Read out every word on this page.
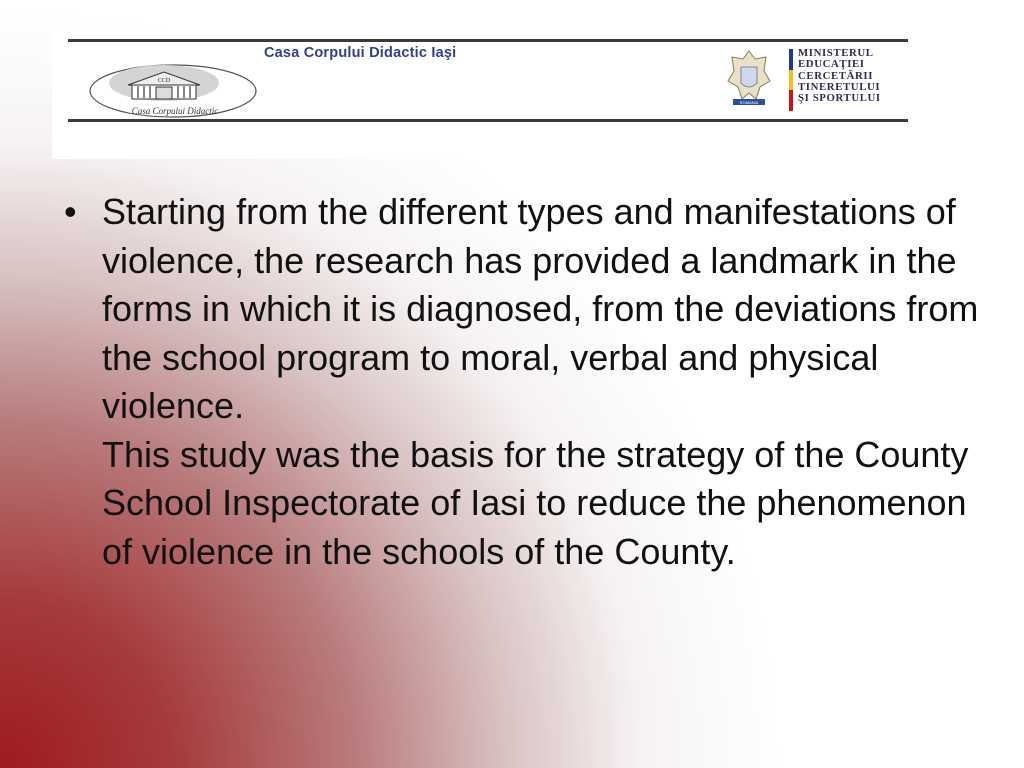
Casa Corpului Didactic Iaşi
CCD
Casa Corpului Didactic
ROMANIA
MINISTERUL
EDUCAŢIEI
CERCETĂRII
TINERETULUI
ŞI SPORTULUI
• Starting from the different types and manifestations of violence, the research has provided a landmark in the forms in which it is diagnosed, from the deviations from the school program to moral, verbal and physical violence.
This study was the basis for the strategy of the County School Inspectorate of Iasi to reduce the phenomenon of violence in the schools of the County.
